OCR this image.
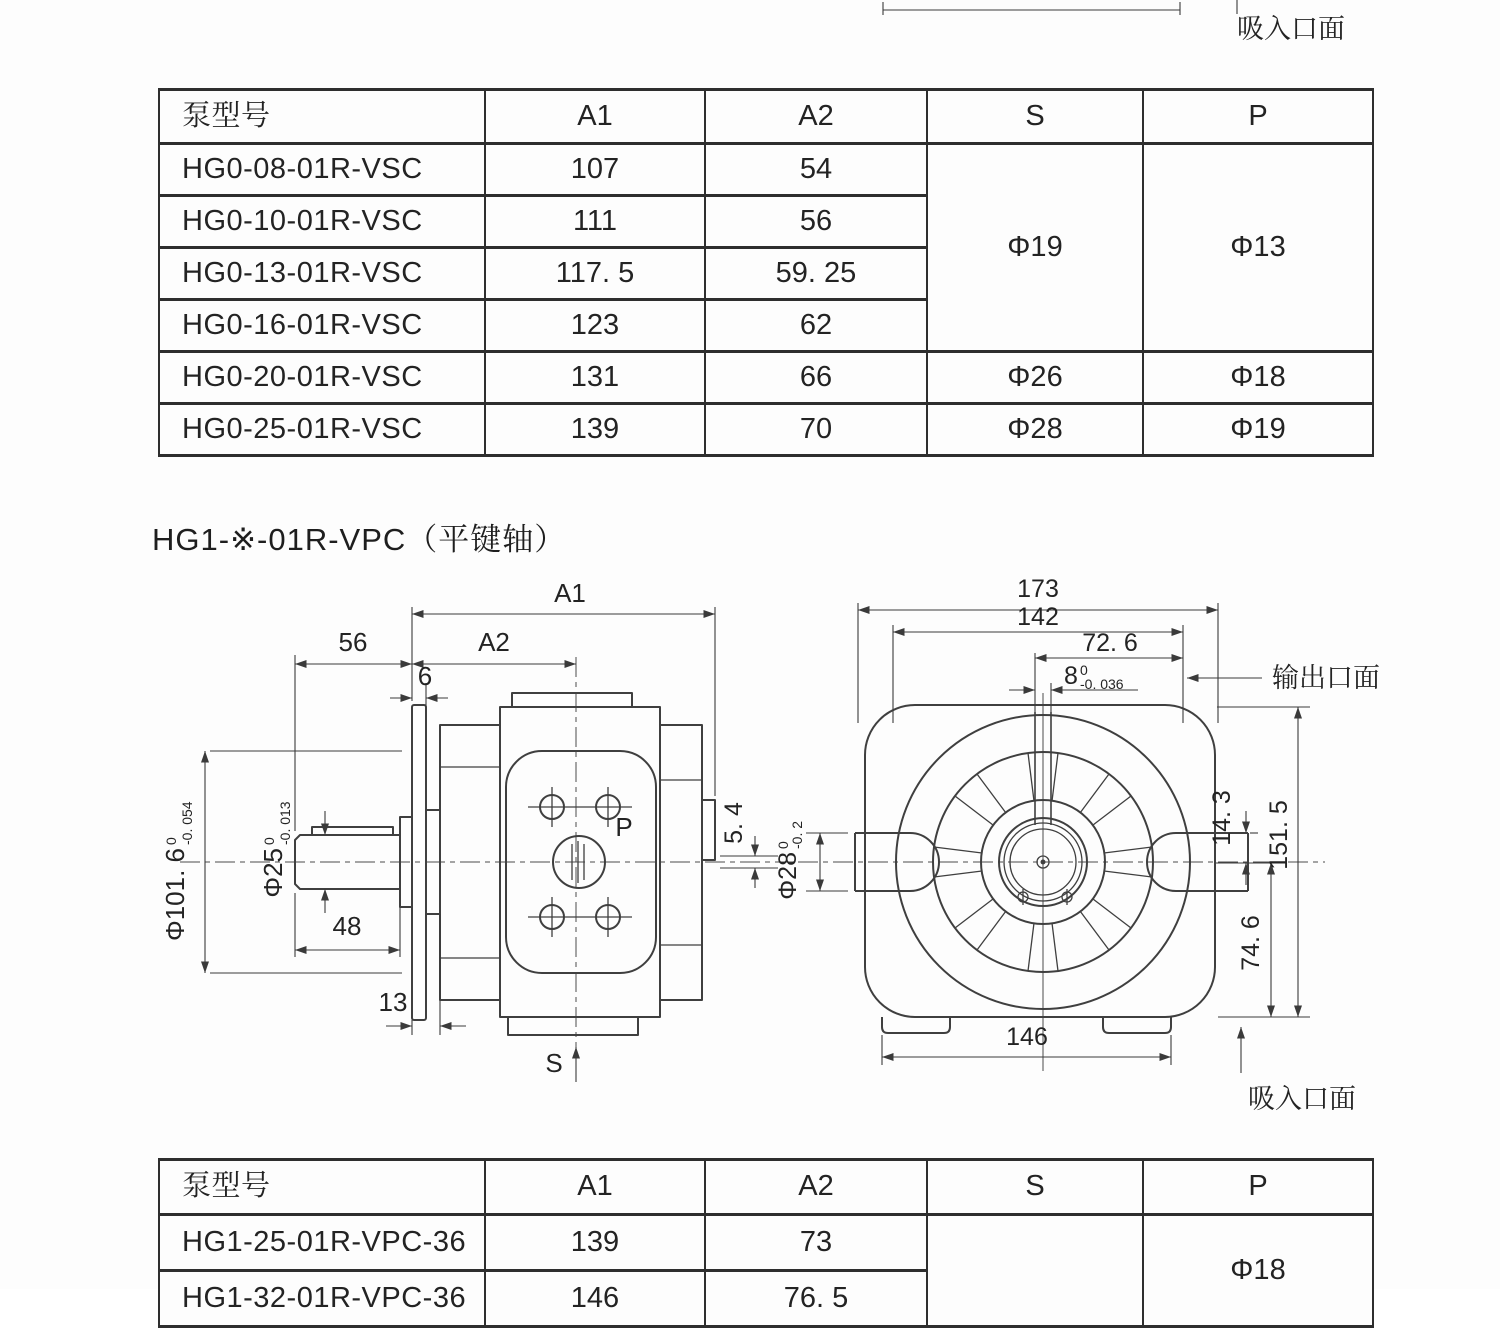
吸入口面
泵型号	A1	A2	S	P
HG0-08-01R-VSC	107	54	Φ19	Φ13
HG0-10-01R-VSC	111	56		
HG0-13-01R-VSC	117. 5	59. 25		
HG0-16-01R-VSC	123	62		
HG0-20-01R-VSC	131	66	Φ26	Φ18
HG0-25-01R-VSC	139	70	Φ28	Φ19
HG1-※-01R-VPC（平键轴）
P
A1
A2
56
6
48
13
Φ101. 6
0 -0. 054
Φ25
0 -0. 013	5. 4
S
173
142
72. 6
8 0
-0. 036	输出口面
14. 3 151. 5
74. 6
146
吸入口面
Φ28
0
-0. 2
泵型号	A1	A2	S	P
HG1-25-01R-VPC-36	139	73		Φ18
HG1-32-01R-VPC-36	146	76. 5		
